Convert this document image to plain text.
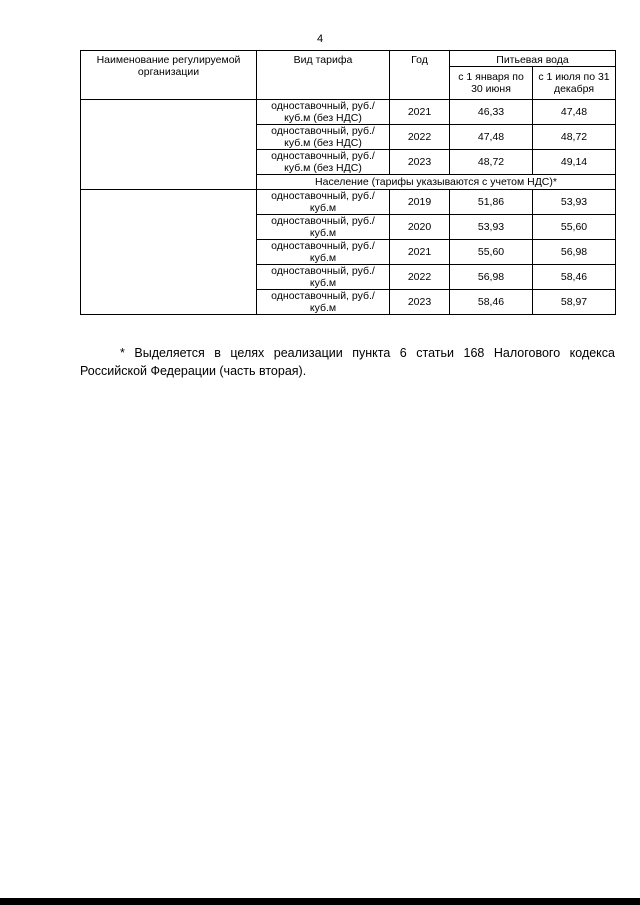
4
Наименование регулируемой организации	Вид тарифа	Год	Питьевая вода	
			с 1 января по 30 июня	с 1 июля по 31 декабря
	одноставочный, руб./куб.м (без НДС)	2021	46,33	47,48
	одноставочный, руб./куб.м (без НДС)	2022	47,48	48,72
	одноставочный, руб./куб.м (без НДС)	2023	48,72	49,14
	Население (тарифы указываются с учетом НДС)*			
	одноставочный, руб./куб.м	2019	51,86	53,93
	одноставочный, руб./куб.м	2020	53,93	55,60
	одноставочный, руб./куб.м	2021	55,60	56,98
	одноставочный, руб./куб.м	2022	56,98	58,46
	одноставочный, руб./куб.м	2023	58,46	58,97

* Выделяется в целях реализации пункта 6 статьи 168 Налогового кодекса Российской Федерации (часть вторая).
